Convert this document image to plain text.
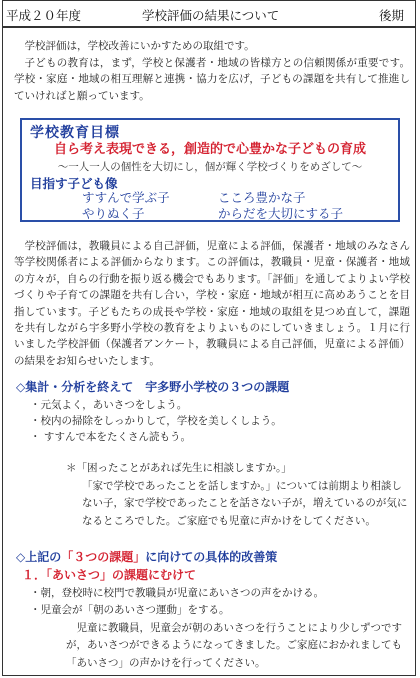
平成２０年度	学校評価の結果について	後期

学校評価は，学校改善にいかすための取組です。

子どもの教育は，まず，学校と保護者・地域の皆様方との信頼関係が重要です。学校・家庭・地域の相互理解と連携・協力を広げ，子どもの課題を共有して推進していければと願っています。

学校教育目標
自ら考え表現できる，創造的で心豊かな子どもの育成
～一人一人の個性を大切にし，個が輝く学校づくりをめざして～
目指す子ども像
すすんで学ぶ子	こころ豊かな子
やりぬく子	からだを大切にする子

学校評価は，教職員による自己評価，児童による評価，保護者・地域のみなさん等学校関係者による評価からなります。この評価は，教職員・児童・保護者・地域の方々が，自らの行動を振り返る機会でもあります。「評価」を通してよりよい学校づくりや子育ての課題を共有し合い，学校・家庭・地域が相互に高めあうことを目指しています。子どもたちの成長や学校・家庭・地域の取組を見つめ直して，課題を共有しながら宇多野小学校の教育をよりよいものにしていきましょう。１月に行いました学校評価（保護者アンケート，教職員による自己評価，児童による評価）の結果をお知らせいたします。

◇集計・分析を終えて　宇多野小学校の３つの課題
・元気よく，あいさつをしよう。
・校内の掃除をしっかりして，学校を美しくしよう。
・ すすんで本をたくさん読もう。
＊「困ったことがあれば先生に相談しますか。」
「家で学校であったことを話しますか。」については前期より相談しない子，家で学校であったことを話さない子が，増えているのが気になるところでした。ご家庭でも児童に声かけをしてください。
◇上記の「３つの課題」に向けての具体的改善策
１．「あいさつ」の課題にむけて
・朝，登校時に校門で教職員が児童にあいさつの声をかける。
・児童会が「朝のあいさつ運動」をする。
児童に教職員，児童会が朝のあいさつを行うことにより少しずつですが，あいさつができるようになってきました。ご家庭におかれましても「あいさつ」の声かけを行ってください。
